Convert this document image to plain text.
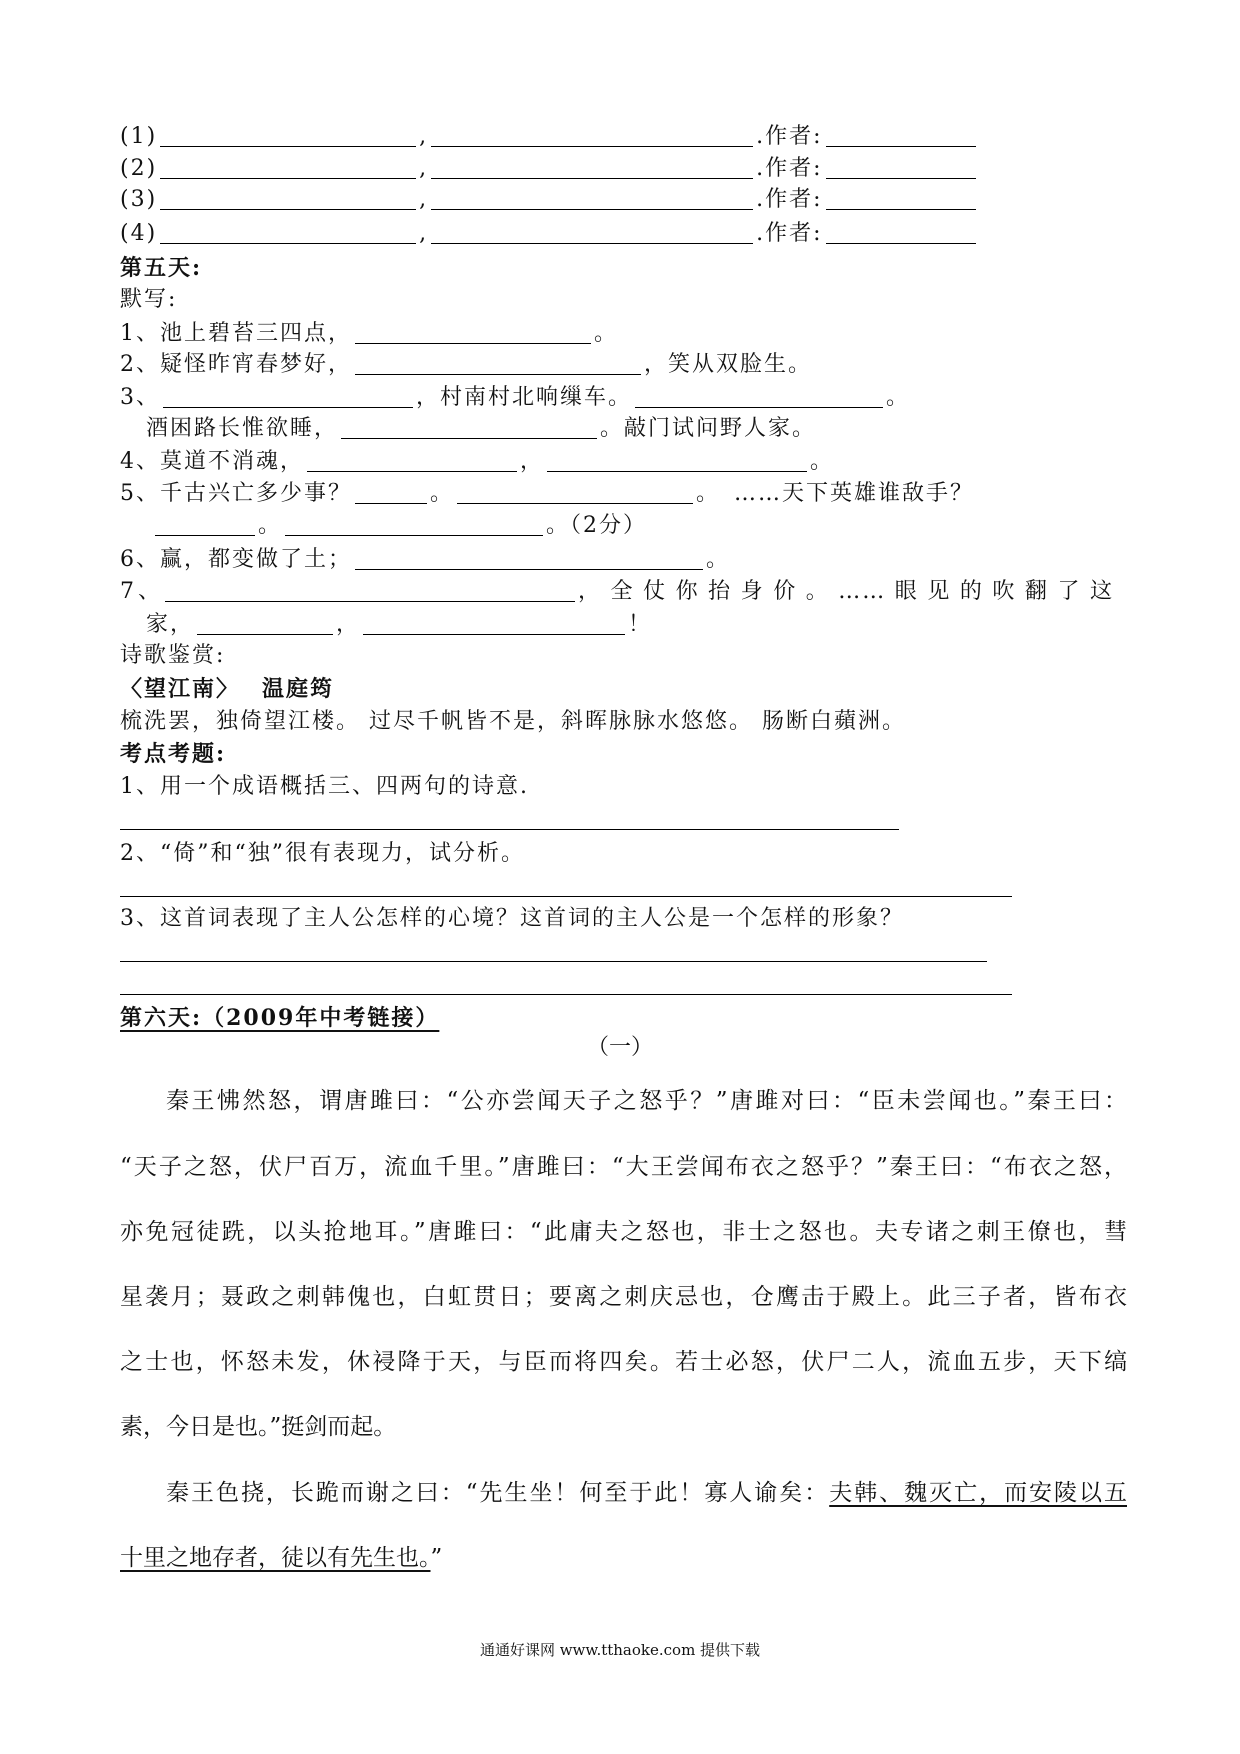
(1)	,	.作者:
(2)	,	.作者:
(3)	,	.作者:
(4)	,	.作者:
第五天:
默写:
1、池上碧苔三四点，	。
2、疑怪昨宵春梦好，	，笑从双脸生。
3、	，村南村北响缫车。	。
酒困路长惟欲睡，	。敲门试问野人家。
4、莫道不消魂，	，	。
5、千古兴亡多少事？	。	。 ……天下英雄谁敌手？
。	。（2分）
6、赢，都变做了土；	。
7、	，全仗你抬身价。……眼见的吹翻了这
家，	，	！
诗歌鉴赏:
〈望江南〉 温庭筠
梳洗罢，独倚望江楼。 过尽千帆皆不是，斜晖脉脉水悠悠。 肠断白蘋洲。
考点考题:
1、用一个成语概括三、四两句的诗意.
2、“倚”和“独”很有表现力，试分析。
3、这首词表现了主人公怎样的心境？这首词的主人公是一个怎样的形象？
第六天:（2009年中考链接）
（一）
秦王怫然怒，谓唐雎曰：“公亦尝闻天子之怒乎？”唐雎对曰：“臣未尝闻也。”秦王曰：
“天子之怒，伏尸百万，流血千里。”唐雎曰：“大王尝闻布衣之怒乎？”秦王曰：“布衣之怒，
亦免冠徒跣，以头抢地耳。”唐雎曰：“此庸夫之怒也，非士之怒也。夫专诸之刺王僚也，彗
星袭月；聂政之刺韩傀也，白虹贯日；要离之刺庆忌也，仓鹰击于殿上。此三子者，皆布衣
之士也，怀怒未发，休祲降于天，与臣而将四矣。若士必怒，伏尸二人，流血五步，天下缟
素，今日是也。”挺剑而起。
秦王色挠，长跪而谢之曰：“先生坐！何至于此！寡人谕矣：夫韩、魏灭亡，而安陵以五
十里之地存者，徒以有先生也。”
通通好课网 www.tthaoke.com 提供下载
